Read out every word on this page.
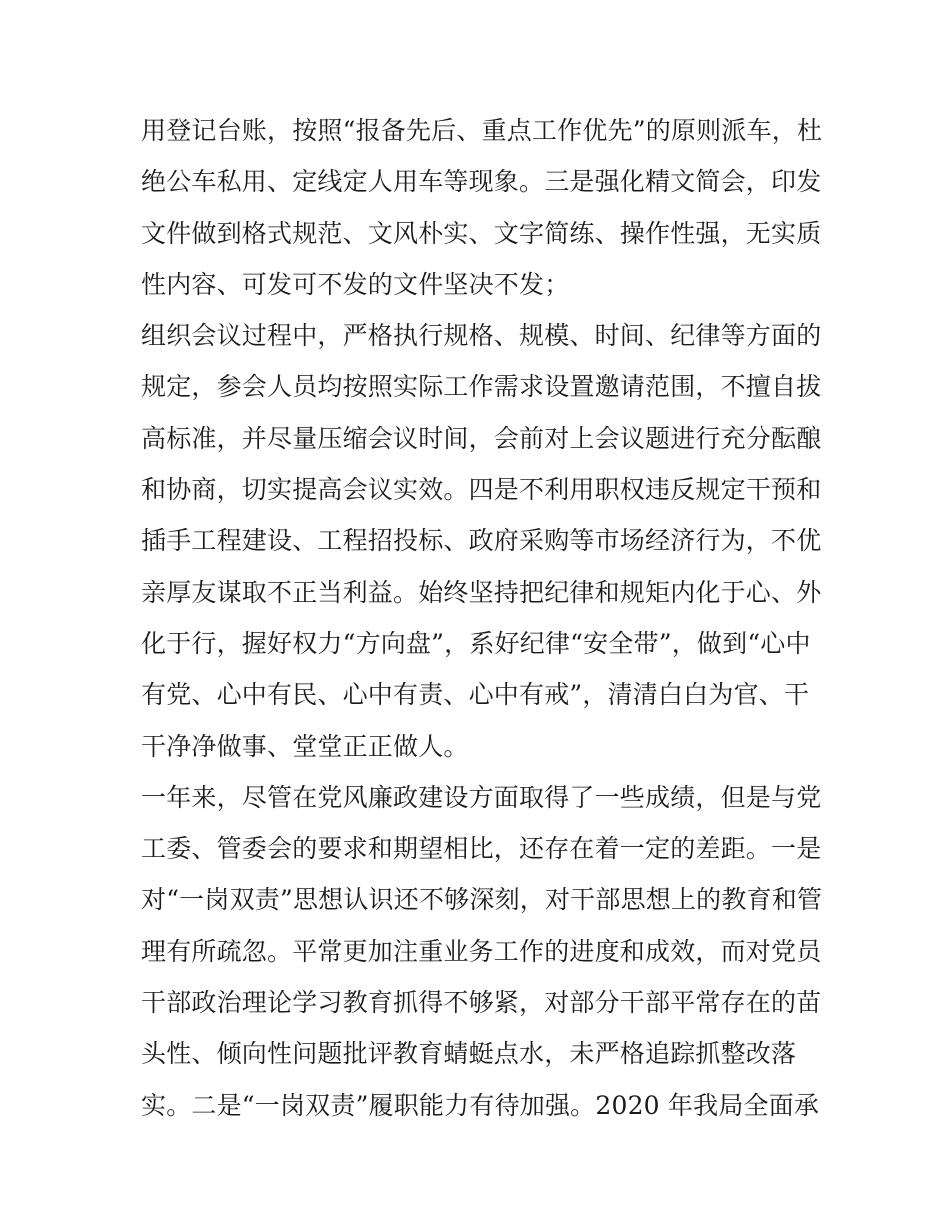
用登记台账，按照“报备先后、重点工作优先”的原则派车，杜
绝公车私用、定线定人用车等现象。三是强化精文简会，印发
文件做到格式规范、文风朴实、文字简练、操作性强，无实质
性内容、可发可不发的文件坚决不发；
组织会议过程中，严格执行规格、规模、时间、纪律等方面的
规定，参会人员均按照实际工作需求设置邀请范围，不擅自拔
高标准，并尽量压缩会议时间，会前对上会议题进行充分酝酿
和协商，切实提高会议实效。四是不利用职权违反规定干预和
插手工程建设、工程招投标、政府采购等市场经济行为，不优
亲厚友谋取不正当利益。始终坚持把纪律和规矩内化于心、外
化于行，握好权力“方向盘”，系好纪律“安全带”，做到“心中
有党、心中有民、心中有责、心中有戒”，清清白白为官、干
干净净做事、堂堂正正做人。
一年来，尽管在党风廉政建设方面取得了一些成绩，但是与党
工委、管委会的要求和期望相比，还存在着一定的差距。一是
对“一岗双责”思想认识还不够深刻，对干部思想上的教育和管
理有所疏忽。平常更加注重业务工作的进度和成效，而对党员
干部政治理论学习教育抓得不够紧，对部分干部平常存在的苗
头性、倾向性问题批评教育蜻蜓点水，未严格追踪抓整改落
实。二是“一岗双责”履职能力有待加强。2020 年我局全面承
